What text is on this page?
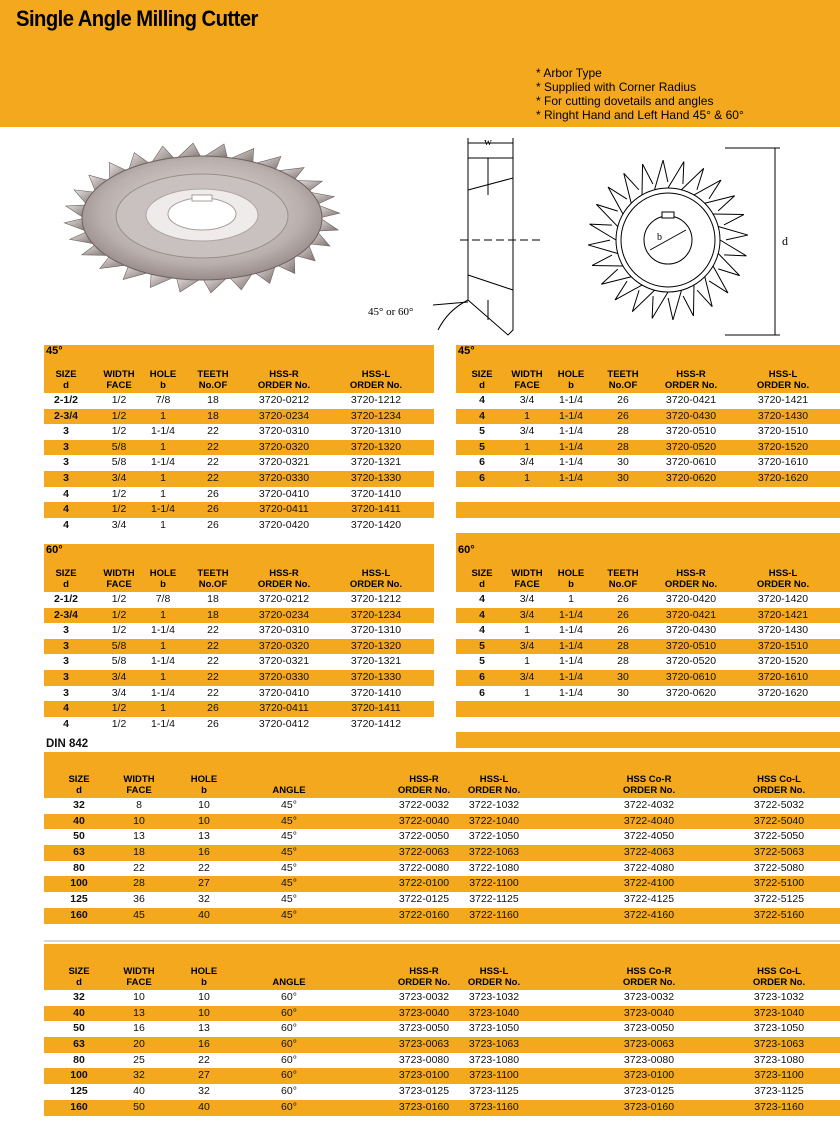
Single Angle Milling Cutter
* Arbor Type
* Supplied with Corner Radius
* For cutting dovetails and angles
* Ringht Hand and Left Hand 45° & 60°
w
45° or 60°
b	d
45°
SIZE
d
WIDTH
FACE
HOLE
b
TEETH
No.OF
HSS-R
ORDER No.
HSS-L
ORDER No.
2-1/2	1/2	7/8	18	3720-0212	3720-1212
2-3/4	1/2	1	18	3720-0234	3720-1234
3	1/2	1-1/4	22	3720-0310	3720-1310
3	5/8	1	22	3720-0320	3720-1320
3	5/8	1-1/4	22	3720-0321	3720-1321
3	3/4	1	22	3720-0330	3720-1330
4	1/2	1	26	3720-0410	3720-1410
4	1/2	1-1/4	26	3720-0411	3720-1411
4	3/4	1	26	3720-0420	3720-1420
45°
SIZE
d
WIDTH
FACE
HOLE
b
TEETH
No.OF
HSS-R
ORDER No.
HSS-L
ORDER No.
4	3/4	1-1/4	26	3720-0421	3720-1421
4	1	1-1/4	26	3720-0430	3720-1430
5	3/4	1-1/4	28	3720-0510	3720-1510
5	1	1-1/4	28	3720-0520	3720-1520
6	3/4	1-1/4	30	3720-0610	3720-1610
6	1	1-1/4	30	3720-0620	3720-1620
60°
SIZE
d
WIDTH
FACE
HOLE
b
TEETH
No.OF
HSS-R
ORDER No.
HSS-L
ORDER No.
2-1/2	1/2	7/8	18	3720-0212	3720-1212
2-3/4	1/2	1	18	3720-0234	3720-1234
3	1/2	1-1/4	22	3720-0310	3720-1310
3	5/8	1	22	3720-0320	3720-1320
3	5/8	1-1/4	22	3720-0321	3720-1321
3	3/4	1	22	3720-0330	3720-1330
3	3/4	1-1/4	22	3720-0410	3720-1410
4	1/2	1	26	3720-0411	3720-1411
4	1/2	1-1/4	26	3720-0412	3720-1412
60°
SIZE
d
WIDTH
FACE
HOLE
b
TEETH
No.OF
HSS-R
ORDER No.
HSS-L
ORDER No.
4	3/4	1	26	3720-0420	3720-1420
4	3/4	1-1/4	26	3720-0421	3720-1421
4	1	1-1/4	26	3720-0430	3720-1430
5	3/4	1-1/4	28	3720-0510	3720-1510
5	1	1-1/4	28	3720-0520	3720-1520
6	3/4	1-1/4	30	3720-0610	3720-1610
6	1	1-1/4	30	3720-0620	3720-1620
DIN 842
SIZE
d
WIDTH
FACE
HOLE
b
	ANGLE
HSS-R
ORDER No.
HSS-L
ORDER No.
HSS Co-R
ORDER No.
HSS Co-L
ORDER No.
32	8	10	45°	3722-0032	3722-1032	3722-4032	3722-5032
40	10	10	45°	3722-0040	3722-1040	3722-4040	3722-5040
50	13	13	45°	3722-0050	3722-1050	3722-4050	3722-5050
63	18	16	45°	3722-0063	3722-1063	3722-4063	3722-5063
80	22	22	45°	3722-0080	3722-1080	3722-4080	3722-5080
100	28	27	45°	3722-0100	3722-1100	3722-4100	3722-5100
125	36	32	45°	3722-0125	3722-1125	3722-4125	3722-5125
160	45	40	45°	3722-0160	3722-1160	3722-4160	3722-5160
SIZE
d
WIDTH
FACE
HOLE
b
	ANGLE
HSS-R
ORDER No.
HSS-L
ORDER No.
HSS Co-R
ORDER No.
HSS Co-L
ORDER No.
32	10	10	60°	3723-0032	3723-1032	3723-0032	3723-1032
40	13	10	60°	3723-0040	3723-1040	3723-0040	3723-1040
50	16	13	60°	3723-0050	3723-1050	3723-0050	3723-1050
63	20	16	60°	3723-0063	3723-1063	3723-0063	3723-1063
80	25	22	60°	3723-0080	3723-1080	3723-0080	3723-1080
100	32	27	60°	3723-0100	3723-1100	3723-0100	3723-1100
125	40	32	60°	3723-0125	3723-1125	3723-0125	3723-1125
160	50	40	60°	3723-0160	3723-1160	3723-0160	3723-1160
